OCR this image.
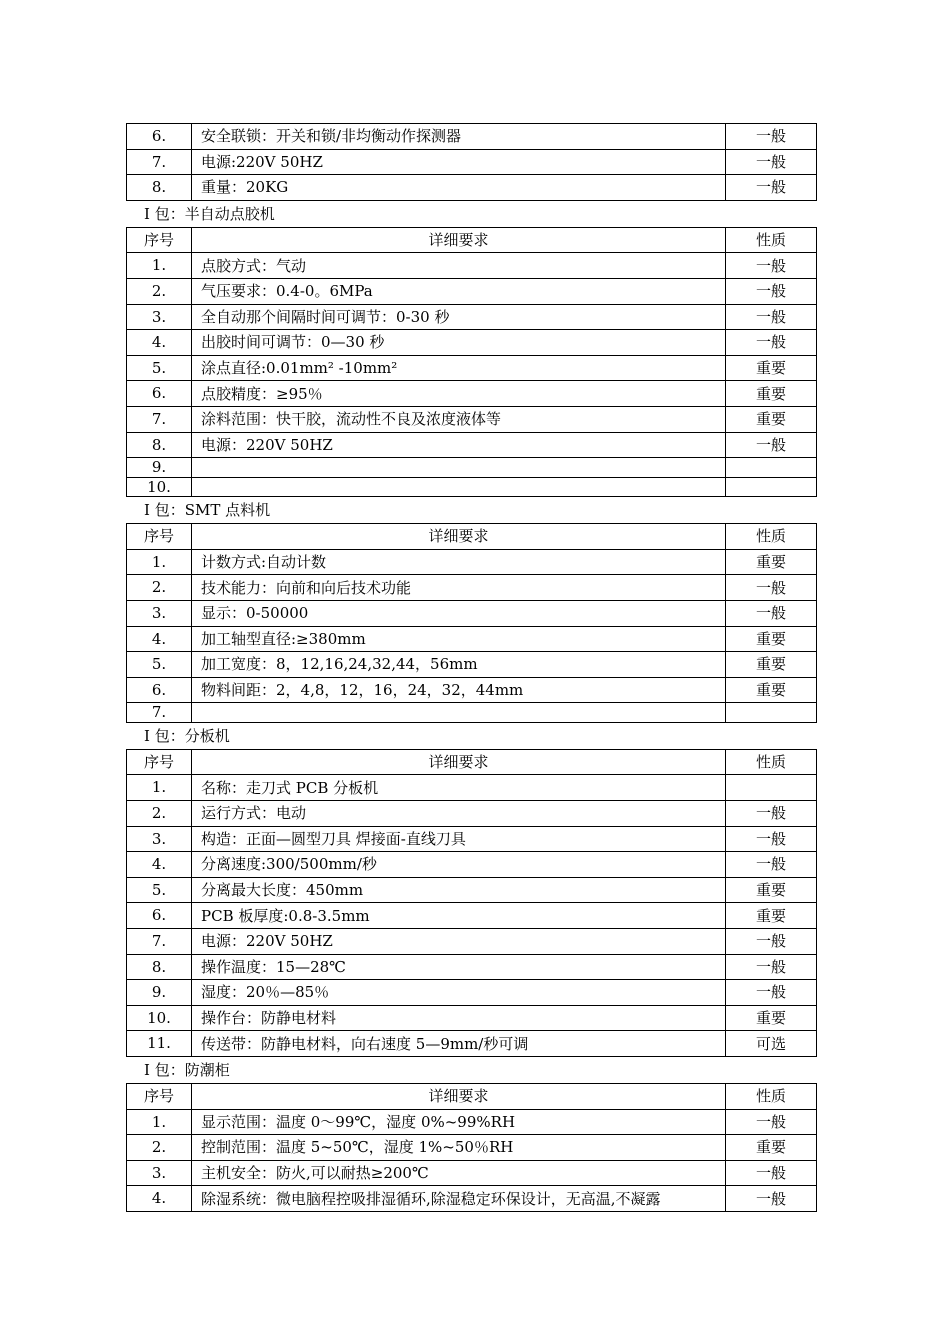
6.	安全联锁：开关和锁/非均衡动作探测器	一般
7.	电源:220V 50HZ	一般
8.	重量：20KG	一般
I 包：半自动点胶机
序号	详细要求	性质
1.	点胶方式：气动	一般
2.	气压要求：0.4-0。6MPa	一般
3.	全自动那个间隔时间可调节：0-30 秒	一般
4.	出胶时间可调节：0—30 秒	一般
5.	涂点直径:0.01mm² -10mm²	重要
6.	点胶精度：≥95％	重要
7.	涂料范围：快干胶，流动性不良及浓度液体等	重要
8.	电源：220V 50HZ	一般
9.		
10.		
I 包：SMT 点料机
序号	详细要求	性质
1.	计数方式:自动计数	重要
2.	技术能力：向前和向后技术功能	一般
3.	显示：0-50000	一般
4.	加工轴型直径:≥380mm	重要
5.	加工宽度：8，12,16,24,32,44，56mm	重要
6.	物料间距：2，4,8，12，16，24，32，44mm	重要
7.		
I 包：分板机
序号	详细要求	性质
1.	名称：走刀式 PCB 分板机	
2.	运行方式：电动	一般
3.	构造：正面—圆型刀具 焊接面-直线刀具	一般
4.	分离速度:300/500mm/秒	一般
5.	分离最大长度：450mm	重要
6.	PCB 板厚度:0.8-3.5mm	重要
7.	电源：220V 50HZ	一般
8.	操作温度：15—28℃	一般
9.	湿度：20％—85％	一般
10.	操作台：防静电材料	重要
11.	传送带：防静电材料，向右速度 5—9mm/秒可调	可选
I 包：防潮柜
序号	详细要求	性质
1.	显示范围：温度 0～99℃，湿度 0%~99%RH	一般
2.	控制范围：温度 5~50℃，湿度 1%~50％RH	重要
3.	主机安全：防火,可以耐热≥200℃	一般
4.	除湿系统：微电脑程控吸排湿循环,除湿稳定环保设计，无高温,不凝露	一般
